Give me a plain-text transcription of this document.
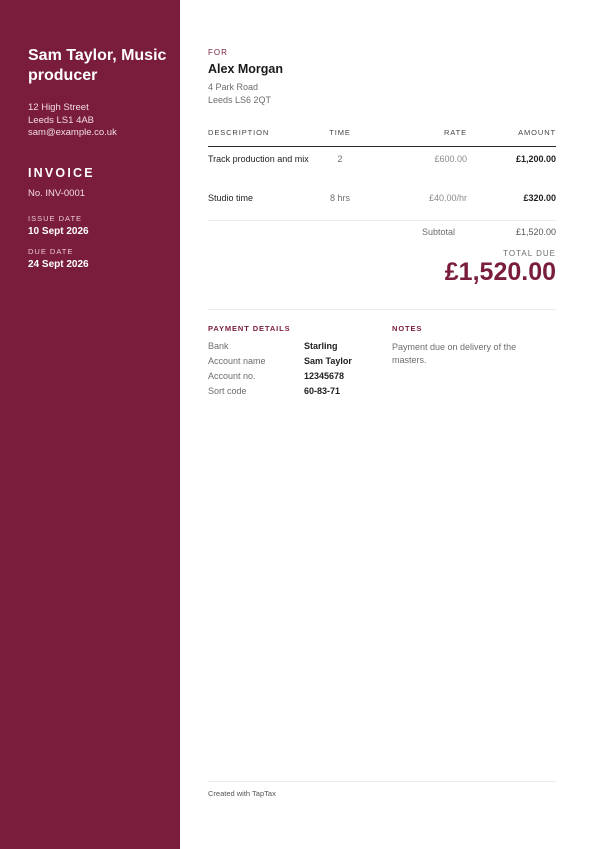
Sam Taylor, Music producer
12 High Street
Leeds LS1 4AB
sam@example.co.uk
INVOICE
No. INV-0001
ISSUE DATE
10 Sept 2026
DUE DATE
24 Sept 2026
FOR
Alex Morgan
4 Park Road
Leeds LS6 2QT
DESCRIPTION	TIME	RATE	AMOUNT
Track production and mix	2	£600.00	£1,200.00
Studio time	8 hrs	£40.00/hr	£320.00
Subtotal	£1,520.00
TOTAL DUE
£1,520.00
PAYMENT DETAILS
Bank	Starling
Account name	Sam Taylor
Account no.	12345678
Sort code	60-83-71
NOTES
Payment due on delivery of the masters.
Created with TapTax
